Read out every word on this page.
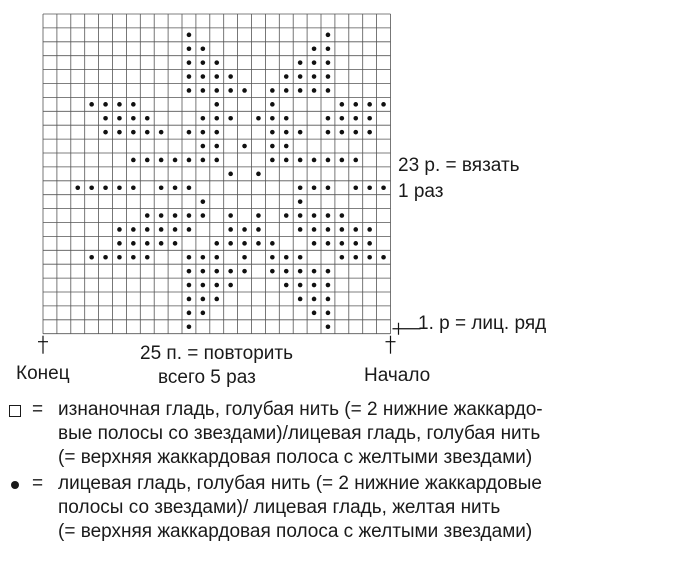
23 р. = вязать
1 раз
1. р = лиц. ряд
Конец	Начало
25 п. = повторить
всего 5 раз
= изнаночная гладь, голубая нить (= 2 нижние жаккардо-
вые полосы со звездами)/лицевая гладь, голубая нить
(= верхняя жаккардовая полоса с желтыми звездами)
= лицевая гладь, голубая нить (= 2 нижние жаккардовые
полосы со звездами)/ лицевая гладь, желтая нить
(= верхняя жаккардовая полоса с желтыми звездами)
